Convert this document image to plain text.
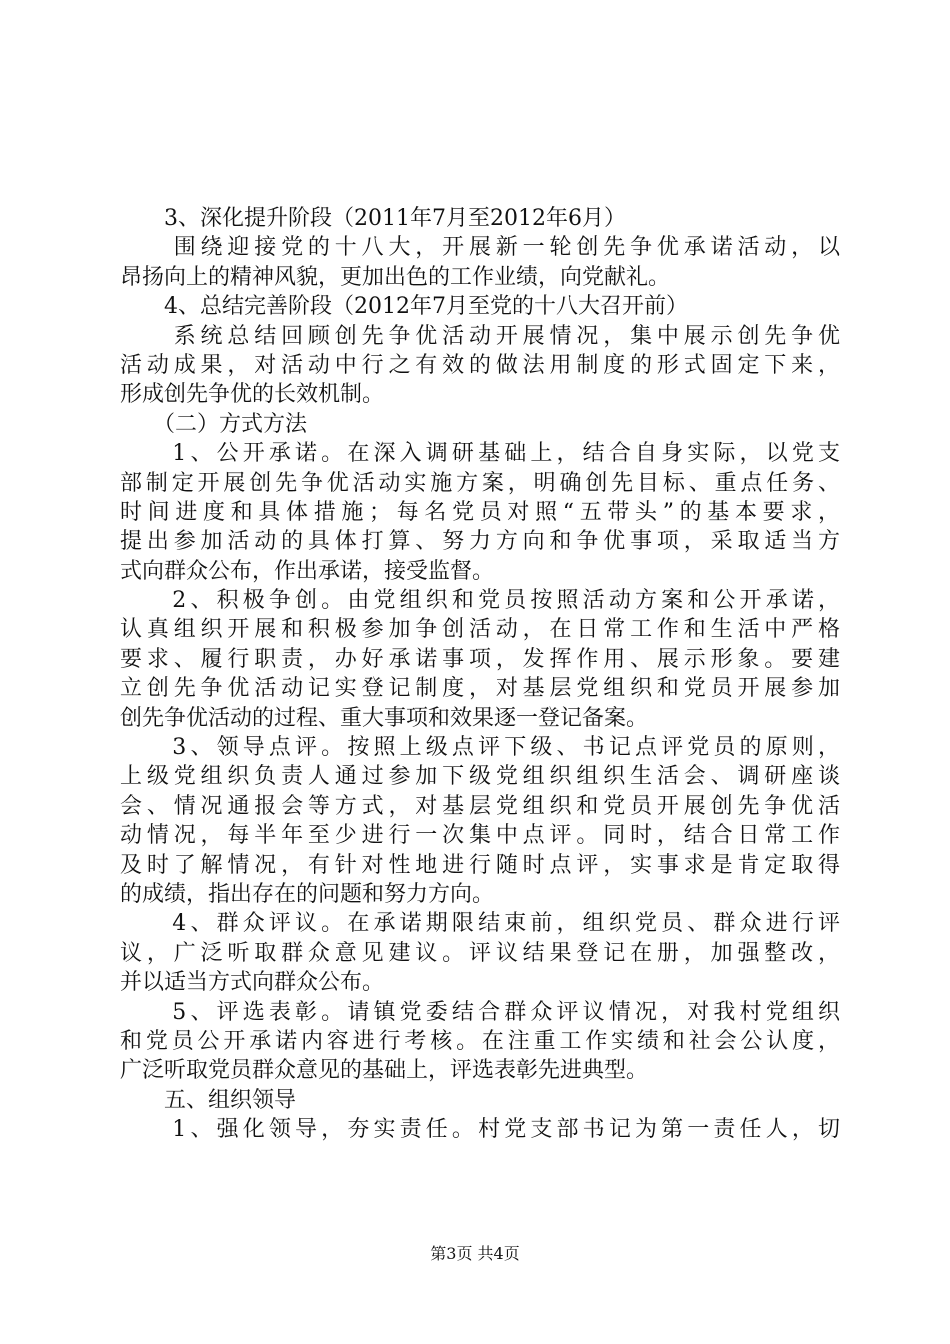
　　3、深化提升阶段（2011年7月至2012年6月）
　　围绕迎接党的十八大，开展新一轮创先争优承诺活动，以
昂扬向上的精神风貌，更加出色的工作业绩，向党献礼。
　　4、总结完善阶段（2012年7月至党的十八大召开前）
　　系统总结回顾创先争优活动开展情况，集中展示创先争优
活动成果，对活动中行之有效的做法用制度的形式固定下来，
形成创先争优的长效机制。
　　（二）方式方法
　　1、公开承诺。在深入调研基础上，结合自身实际，以党支
部制定开展创先争优活动实施方案，明确创先目标、重点任务、
时间进度和具体措施；每名党员对照“五带头”的基本要求，
提出参加活动的具体打算、努力方向和争优事项，采取适当方
式向群众公布，作出承诺，接受监督。
　　2、积极争创。由党组织和党员按照活动方案和公开承诺，
认真组织开展和积极参加争创活动，在日常工作和生活中严格
要求、履行职责，办好承诺事项，发挥作用、展示形象。要建
立创先争优活动记实登记制度，对基层党组织和党员开展参加
创先争优活动的过程、重大事项和效果逐一登记备案。
　　3、领导点评。按照上级点评下级、书记点评党员的原则，
上级党组织负责人通过参加下级党组织组织生活会、调研座谈
会、情况通报会等方式，对基层党组织和党员开展创先争优活
动情况，每半年至少进行一次集中点评。同时，结合日常工作
及时了解情况，有针对性地进行随时点评，实事求是肯定取得
的成绩，指出存在的问题和努力方向。
　　4、群众评议。在承诺期限结束前，组织党员、群众进行评
议，广泛听取群众意见建议。评议结果登记在册，加强整改，
并以适当方式向群众公布。
　　5、评选表彰。请镇党委结合群众评议情况，对我村党组织
和党员公开承诺内容进行考核。在注重工作实绩和社会公认度，
广泛听取党员群众意见的基础上，评选表彰先进典型。
　　五、组织领导
　　1、强化领导，夯实责任。村党支部书记为第一责任人，切
第3页 共4页
